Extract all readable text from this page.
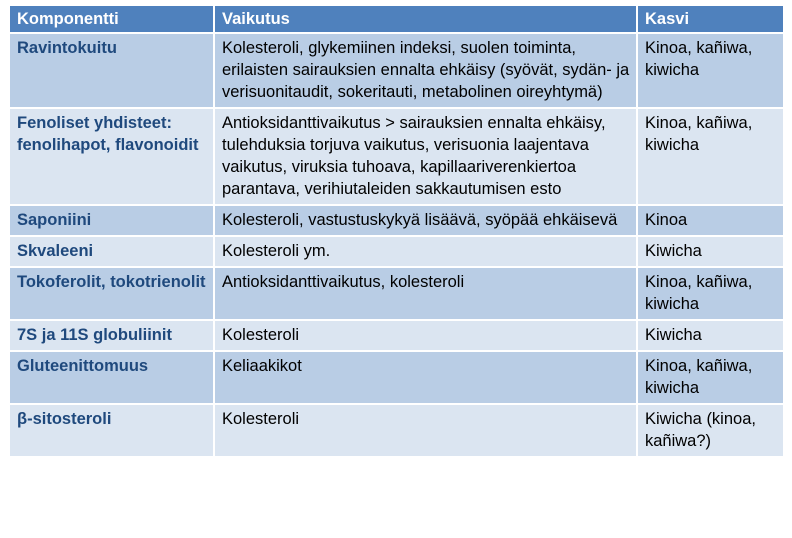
Komponentti	Vaikutus	Kasvi
Ravintokuitu	Kolesteroli, glykemiinen indeksi, suolen toiminta, erilaisten sairauksien ennalta ehkäisy (syövät, sydän- ja verisuonitaudit, sokeritauti, metabolinen oireyhtymä)	Kinoa, kañiwa, kiwicha
Fenoliset yhdisteet: fenolihapot, flavonoidit	Antioksidanttivaikutus > sairauksien ennalta ehkäisy, tulehduksia torjuva vaikutus, verisuonia laajentava vaikutus, viruksia tuhoava, kapillaariverenkiertoa parantava, verihiutaleiden sakkautumisen esto	Kinoa, kañiwa, kiwicha
Saponiini	Kolesteroli, vastustuskykyä lisäävä, syöpää ehkäisevä	Kinoa
Skvaleeni	Kolesteroli ym.	Kiwicha
Tokoferolit, tokotrienolit	Antioksidanttivaikutus, kolesteroli	Kinoa, kañiwa, kiwicha
7S ja 11S globuliinit	Kolesteroli	Kiwicha
Gluteenittomuus	Keliaakikot	Kinoa, kañiwa, kiwicha
β-sitosteroli	Kolesteroli	Kiwicha (kinoa, kañiwa?)
